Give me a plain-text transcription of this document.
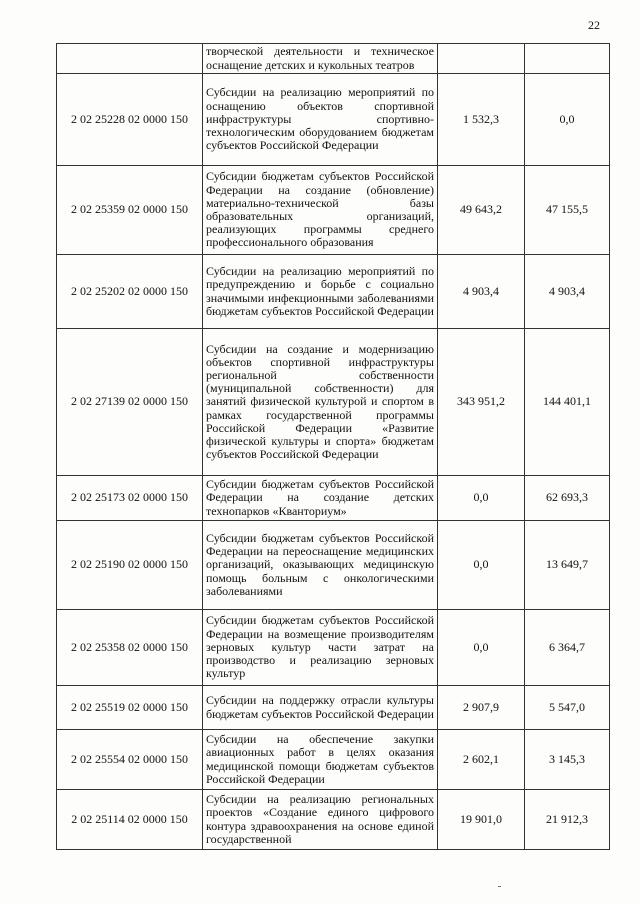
22
	творческой деятельности и техническое оснащение детских и кукольных театров		
2 02 25228 02 0000 150	Субсидии на реализацию мероприятий по оснащению объектов спортивной инфраструктуры спортивно-технологическим оборудованием бюджетам субъектов Российской Федерации	1 532,3	0,0
2 02 25359 02 0000 150	Субсидии бюджетам субъектов Российской Федерации на создание (обновление) материально-технической базы образовательных организаций, реализующих программы среднего профессионального образования	49 643,2	47 155,5
2 02 25202 02 0000 150	Субсидии на реализацию мероприятий по предупреждению и борьбе с социально значимыми инфекционными заболеваниями бюджетам субъектов Российской Федерации	4 903,4	4 903,4
2 02 27139 02 0000 150	Субсидии на создание и модернизацию объектов спортивной инфраструктуры региональной собственности (муниципальной собственности) для занятий физической культурой и спортом в рамках государственной программы Российской Федерации «Развитие физической культуры и спорта» бюджетам субъектов Российской Федерации	343 951,2	144 401,1
2 02 25173 02 0000 150	Субсидии бюджетам субъектов Российской Федерации на создание детских технопарков «Кванториум»	0,0	62 693,3
2 02 25190 02 0000 150	Субсидии бюджетам субъектов Российской Федерации на переоснащение медицинских организаций, оказывающих медицинскую помощь больным с онкологическими заболеваниями	0,0	13 649,7
2 02 25358 02 0000 150	Субсидии бюджетам субъектов Российской Федерации на возмещение производителям зерновых культур части затрат на производство и реализацию зерновых культур	0,0	6 364,7
2 02 25519 02 0000 150	Субсидии на поддержку отрасли культуры бюджетам субъектов Российской Федерации	2 907,9	5 547,0
2 02 25554 02 0000 150	Субсидии на обеспечение закупки авиационных работ в целях оказания медицинской помощи бюджетам субъектов Российской Федерации	2 602,1	3 145,3
2 02 25114 02 0000 150	Субсидии на реализацию региональных проектов «Создание единого цифрового контура здравоохранения на основе единой государственной	19 901,0	21 912,3
